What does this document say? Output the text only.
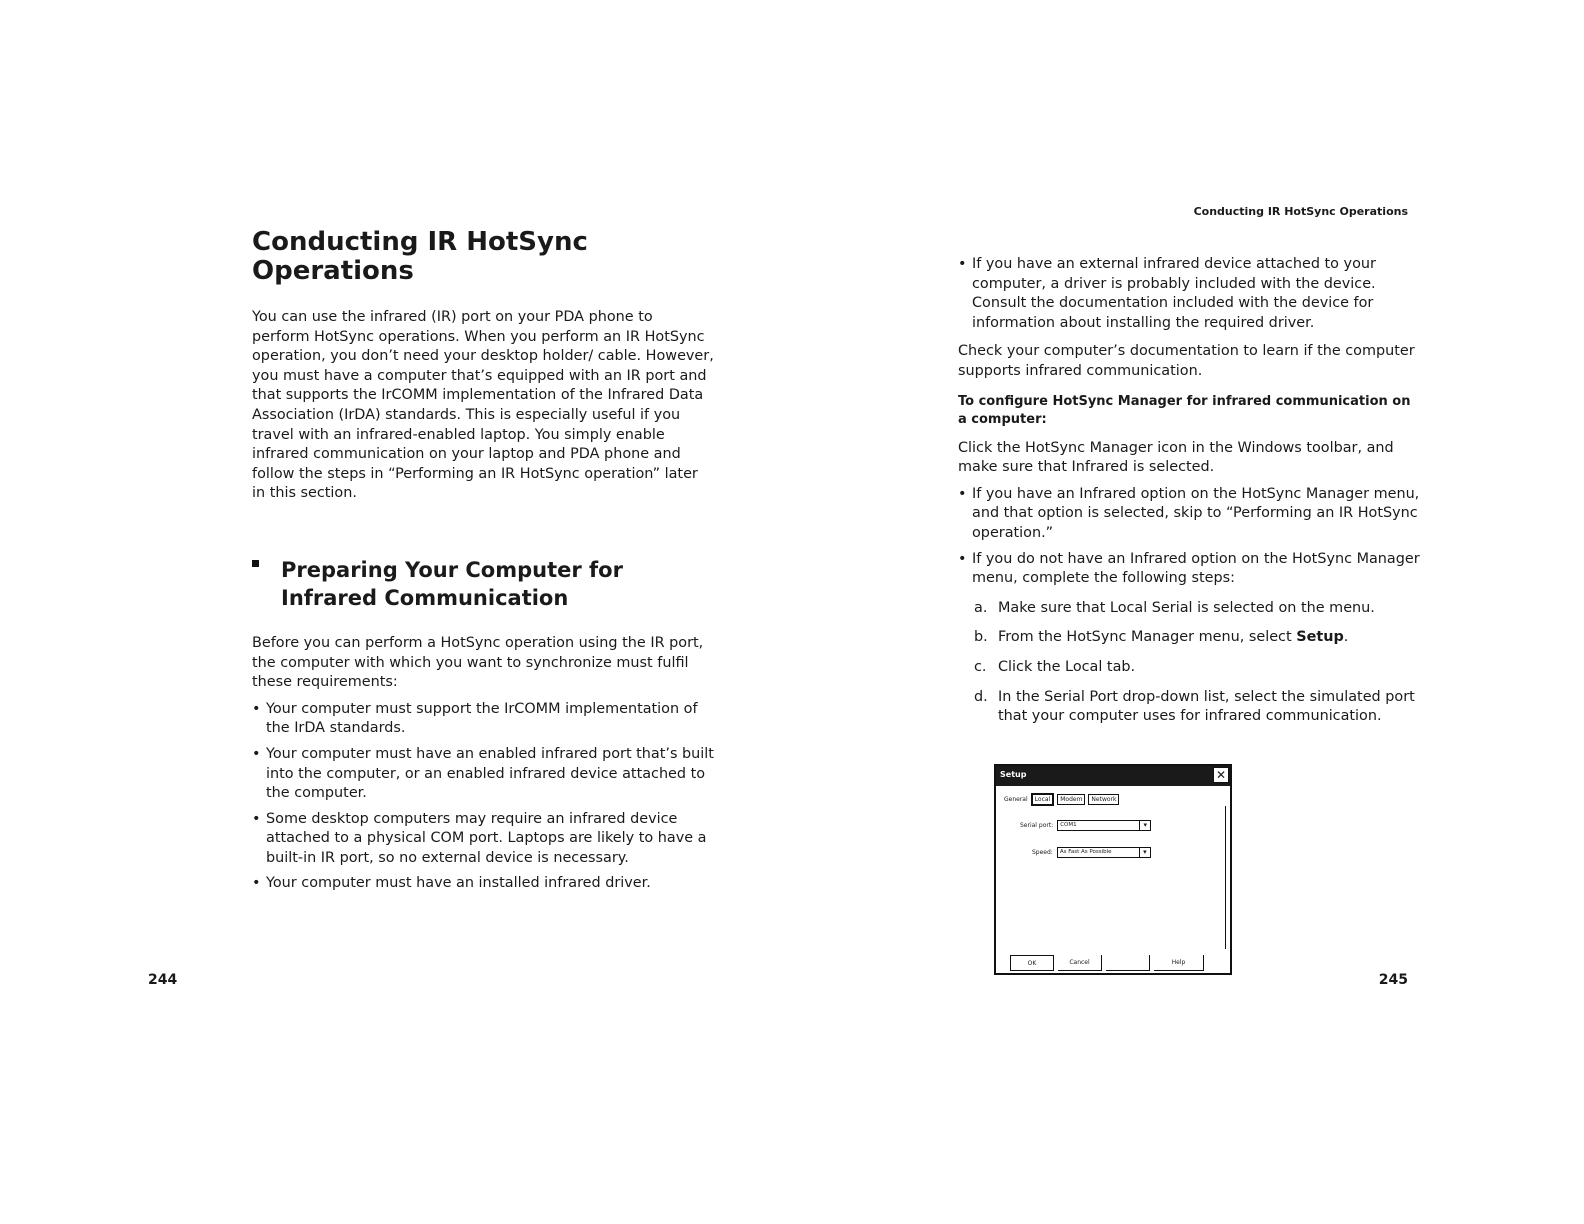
Conducting IR HotSync Operations

You can use the infrared (IR) port on your PDA phone to perform HotSync operations. When you perform an IR HotSync operation, you don’t need your desktop holder/ cable. However, you must have a computer that’s equipped with an IR port and that supports the IrCOMM implementation of the Infrared Data Association (IrDA) standards. This is especially useful if you travel with an infrared-enabled laptop. You simply enable infrared communication on your laptop and PDA phone and follow the steps in “Performing an IR HotSync operation” later in this section.

Preparing Your Computer for Infrared Communication

Before you can perform a HotSync operation using the IR port, the computer with which you want to synchronize must fulfil these requirements:

• Your computer must support the IrCOMM implementation of the IrDA standards.
• Your computer must have an enabled infrared port that’s built into the computer, or an enabled infrared device attached to the computer.
• Some desktop computers may require an infrared device attached to a physical COM port. Laptops are likely to have a built-in IR port, so no external device is necessary.
• Your computer must have an installed infrared driver.
244
Conducting IR HotSync Operations
• If you have an external infrared device attached to your computer, a driver is probably included with the device. Consult the documentation included with the device for information about installing the required driver.

Check your computer’s documentation to learn if the computer supports infrared communication.

To configure HotSync Manager for infrared communication on a computer:

Click the HotSync Manager icon in the Windows toolbar, and make sure that Infrared is selected.

• If you have an Infrared option on the HotSync Manager menu, and that option is selected, skip to “Performing an IR HotSync operation.”
• If you do not have an Infrared option on the HotSync Manager menu, complete the following steps:
a. Make sure that Local Serial is selected on the menu.
b. From the HotSync Manager menu, select Setup.
c. Click the Local tab.
d. In the Serial Port drop-down list, select the simulated port that your computer uses for infrared communication.
Setup	✕
General	Local	Modem	Network
Serial port:	COM1	▾
Speed:	As Fast As Possible	▾
OK	Cancel	Help
245
